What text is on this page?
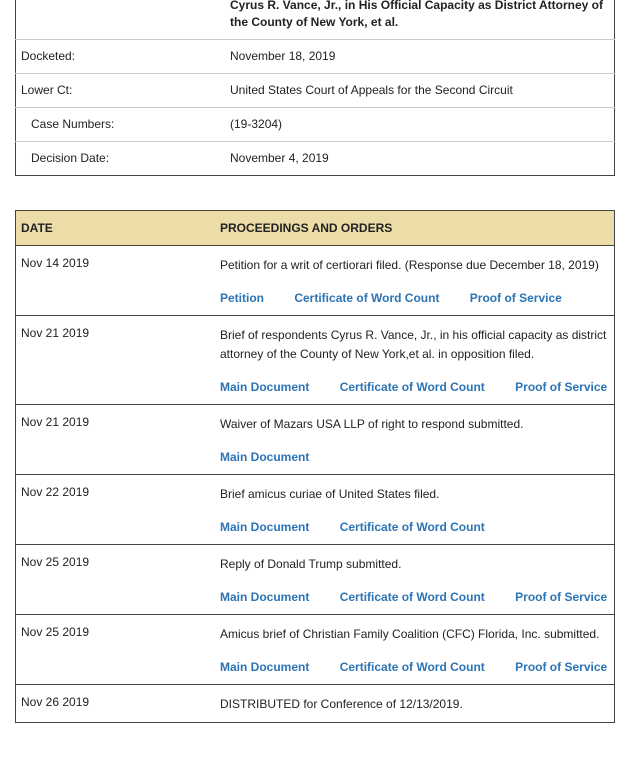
	Cyrus R. Vance, Jr., in His Official Capacity as District Attorney of the County of New York, et al.

Docketed:	November 18, 2019
Lower Ct:	United States Court of Appeals for the Second Circuit
Case Numbers:	(19-3204)
Decision Date:	November 4, 2019
DATE	PROCEEDINGS AND ORDERS
Nov 14 2019	Petition for a writ of certiorari filed. (Response due December 18, 2019)
Petition Certificate of Word Count Proof of Service

Nov 21 2019	Brief of respondents Cyrus R. Vance, Jr., in his official capacity as district attorney of the County of New York,et al. in opposition filed.
Main Document Certificate of Word Count Proof of Service

Nov 21 2019	Waiver of Mazars USA LLP of right to respond submitted.
Main Document

Nov 22 2019	Brief amicus curiae of United States filed.
Main Document Certificate of Word Count

Nov 25 2019	Reply of Donald Trump submitted.
Main Document Certificate of Word Count Proof of Service

Nov 25 2019	Amicus brief of Christian Family Coalition (CFC) Florida, Inc. submitted.
Main Document Certificate of Word Count Proof of Service

Nov 26 2019	DISTRIBUTED for Conference of 12/13/2019.
